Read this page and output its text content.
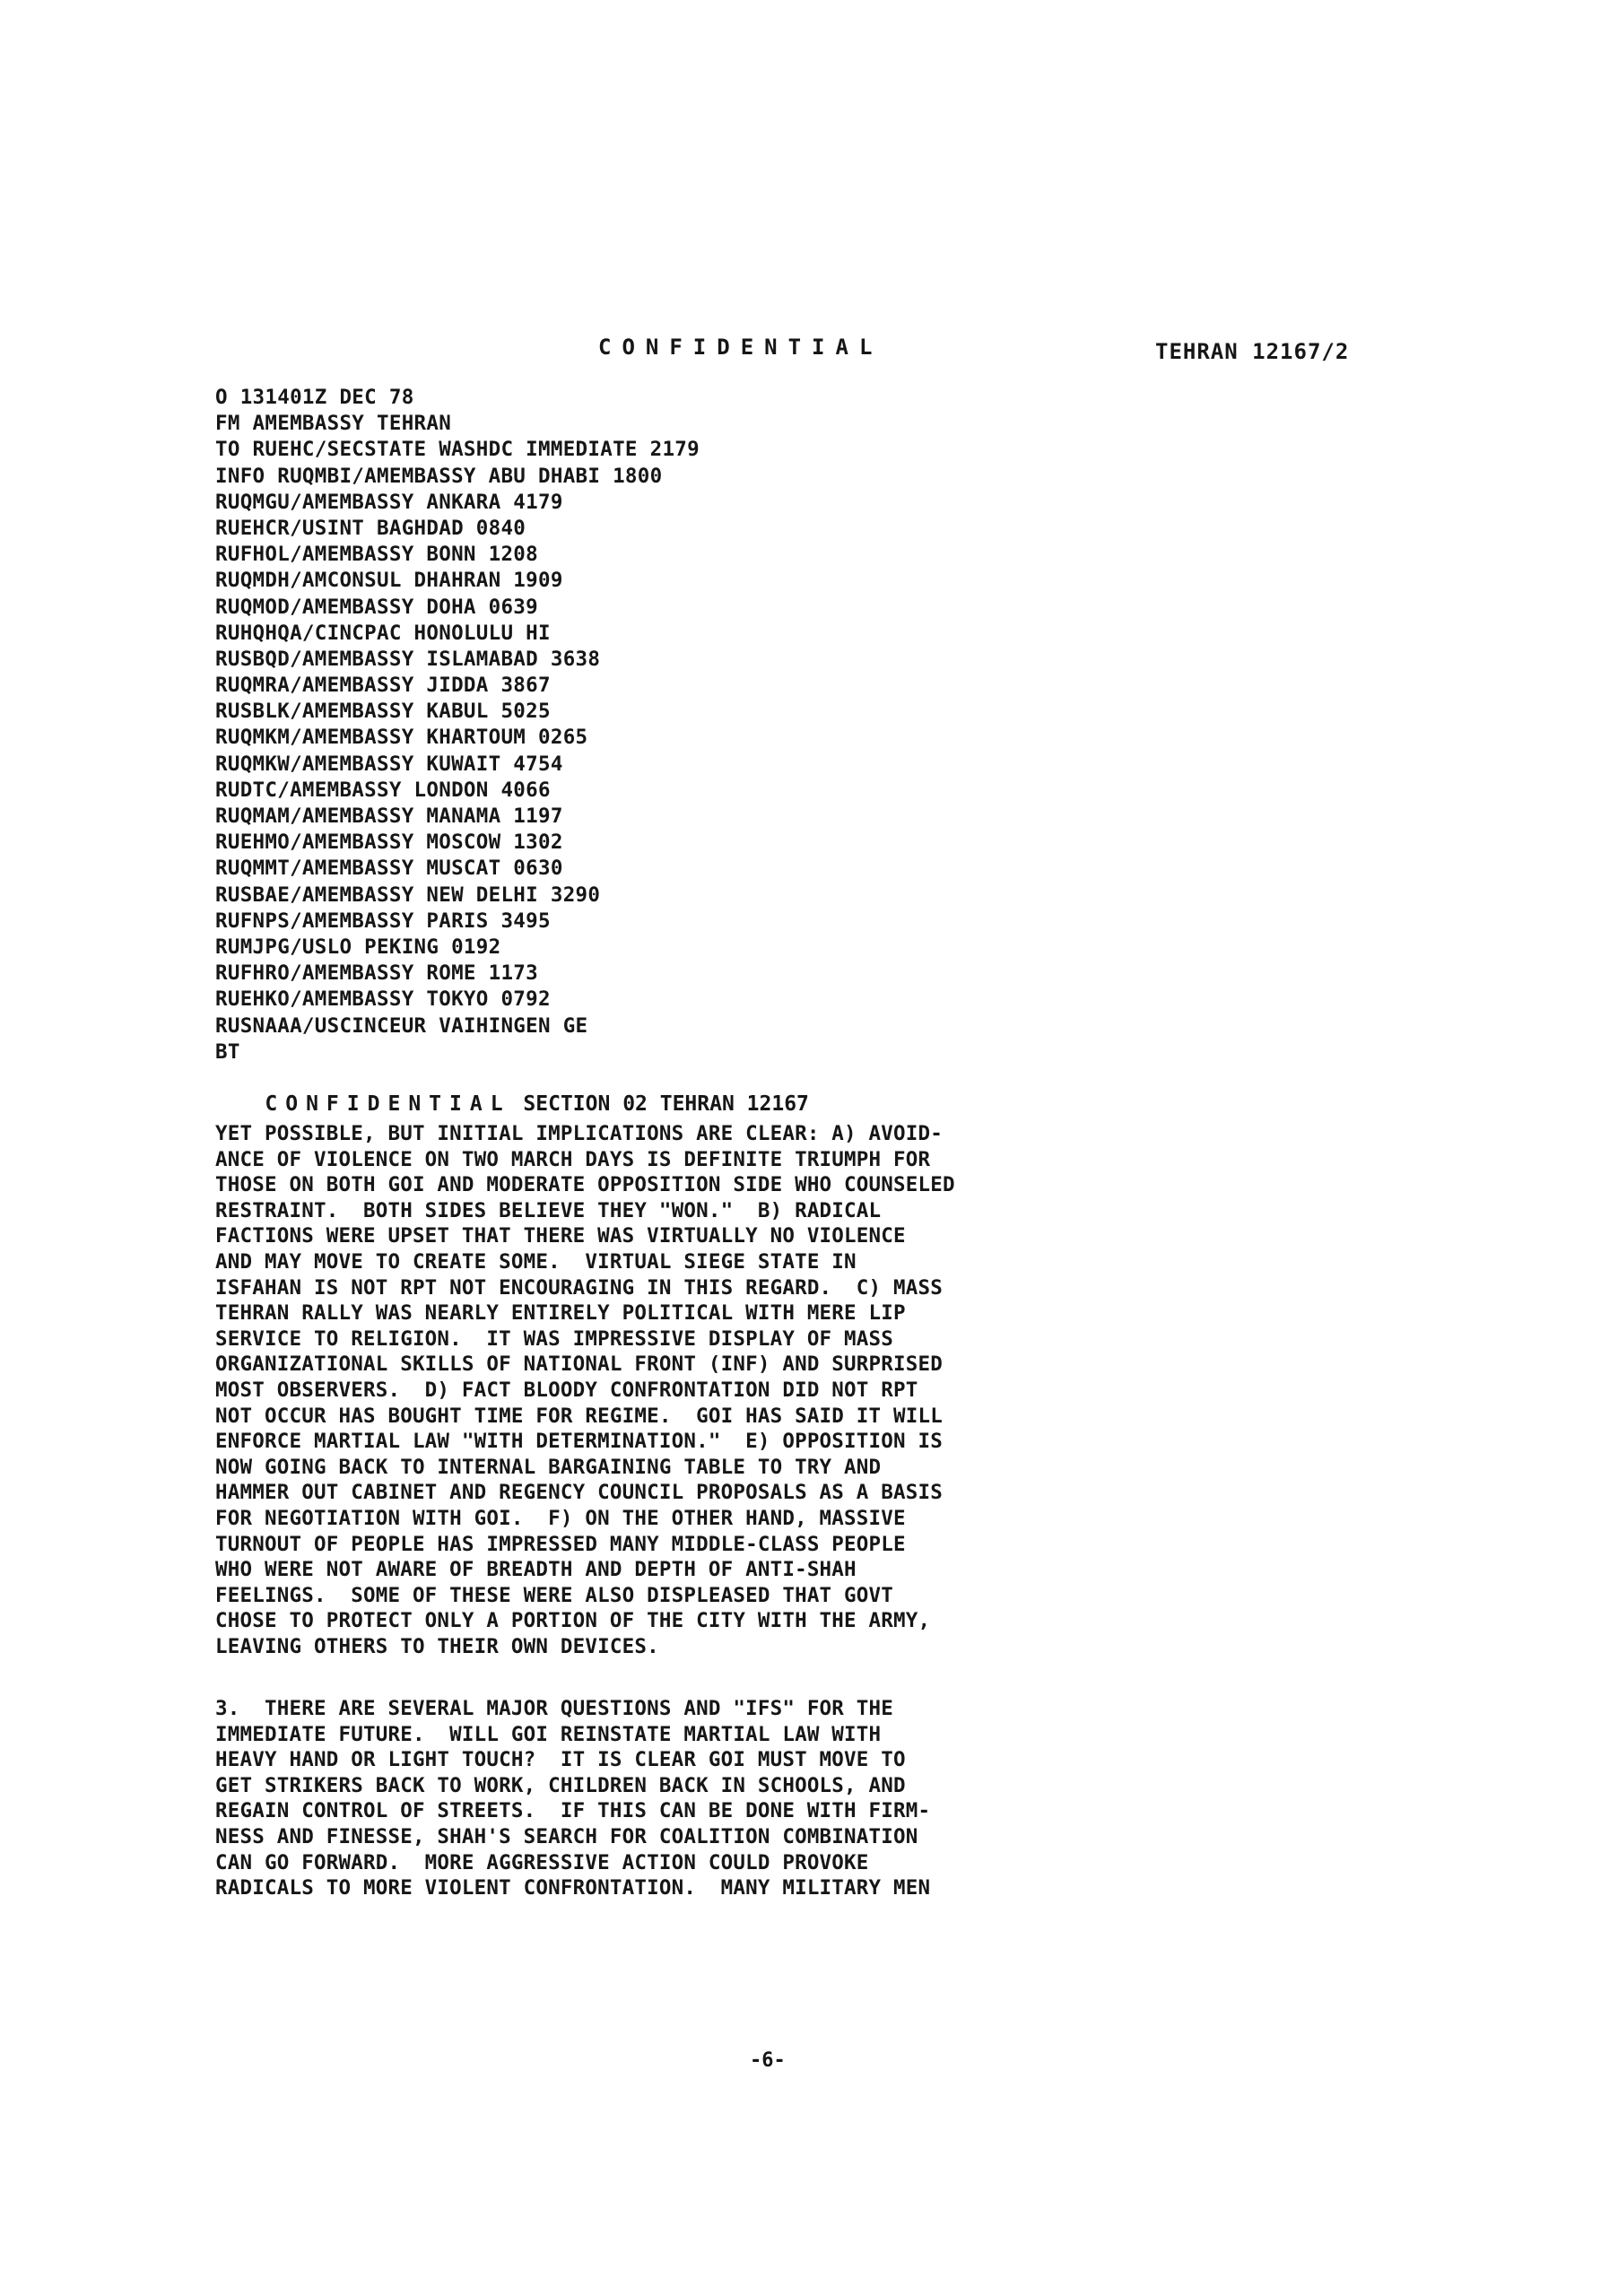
CONFIDENTIAL	TEHRAN 12167/2
O 131401Z DEC 78
FM AMEMBASSY TEHRAN
TO RUEHC/SECSTATE WASHDC IMMEDIATE 2179
INFO RUQMBI/AMEMBASSY ABU DHABI 1800
RUQMGU/AMEMBASSY ANKARA 4179
RUEHCR/USINT BAGHDAD 0840
RUFHOL/AMEMBASSY BONN 1208
RUQMDH/AMCONSUL DHAHRAN 1909
RUQMOD/AMEMBASSY DOHA 0639
RUHQHQA/CINCPAC HONOLULU HI
RUSBQD/AMEMBASSY ISLAMABAD 3638
RUQMRA/AMEMBASSY JIDDA 3867
RUSBLK/AMEMBASSY KABUL 5025
RUQMKM/AMEMBASSY KHARTOUM 0265
RUQMKW/AMEMBASSY KUWAIT 4754
RUDTC/AMEMBASSY LONDON 4066
RUQMAM/AMEMBASSY MANAMA 1197
RUEHMO/AMEMBASSY MOSCOW 1302
RUQMMT/AMEMBASSY MUSCAT 0630
RUSBAE/AMEMBASSY NEW DELHI 3290
RUFNPS/AMEMBASSY PARIS 3495
RUMJPG/USLO PEKING 0192
RUFHRO/AMEMBASSY ROME 1173
RUEHKO/AMEMBASSY TOKYO 0792
RUSNAAA/USCINCEUR VAIHINGEN GE
BT

CONFIDENTIAL SECTION 02 TEHRAN 12167

YET POSSIBLE, BUT INITIAL IMPLICATIONS ARE CLEAR: A) AVOID-
ANCE OF VIOLENCE ON TWO MARCH DAYS IS DEFINITE TRIUMPH FOR
THOSE ON BOTH GOI AND MODERATE OPPOSITION SIDE WHO COUNSELED
RESTRAINT.  BOTH SIDES BELIEVE THEY "WON."  B) RADICAL
FACTIONS WERE UPSET THAT THERE WAS VIRTUALLY NO VIOLENCE
AND MAY MOVE TO CREATE SOME.  VIRTUAL SIEGE STATE IN
ISFAHAN IS NOT RPT NOT ENCOURAGING IN THIS REGARD.  C) MASS
TEHRAN RALLY WAS NEARLY ENTIRELY POLITICAL WITH MERE LIP
SERVICE TO RELIGION.  IT WAS IMPRESSIVE DISPLAY OF MASS
ORGANIZATIONAL SKILLS OF NATIONAL FRONT (INF) AND SURPRISED
MOST OBSERVERS.  D) FACT BLOODY CONFRONTATION DID NOT RPT
NOT OCCUR HAS BOUGHT TIME FOR REGIME.  GOI HAS SAID IT WILL
ENFORCE MARTIAL LAW "WITH DETERMINATION."  E) OPPOSITION IS
NOW GOING BACK TO INTERNAL BARGAINING TABLE TO TRY AND
HAMMER OUT CABINET AND REGENCY COUNCIL PROPOSALS AS A BASIS
FOR NEGOTIATION WITH GOI.  F) ON THE OTHER HAND, MASSIVE
TURNOUT OF PEOPLE HAS IMPRESSED MANY MIDDLE-CLASS PEOPLE
WHO WERE NOT AWARE OF BREADTH AND DEPTH OF ANTI-SHAH
FEELINGS.  SOME OF THESE WERE ALSO DISPLEASED THAT GOVT
CHOSE TO PROTECT ONLY A PORTION OF THE CITY WITH THE ARMY,
LEAVING OTHERS TO THEIR OWN DEVICES.
3.  THERE ARE SEVERAL MAJOR QUESTIONS AND "IFS" FOR THE
IMMEDIATE FUTURE.  WILL GOI REINSTATE MARTIAL LAW WITH
HEAVY HAND OR LIGHT TOUCH?  IT IS CLEAR GOI MUST MOVE TO
GET STRIKERS BACK TO WORK, CHILDREN BACK IN SCHOOLS, AND
REGAIN CONTROL OF STREETS.  IF THIS CAN BE DONE WITH FIRM-
NESS AND FINESSE, SHAH'S SEARCH FOR COALITION COMBINATION
CAN GO FORWARD.  MORE AGGRESSIVE ACTION COULD PROVOKE
RADICALS TO MORE VIOLENT CONFRONTATION.  MANY MILITARY MEN
-6-
